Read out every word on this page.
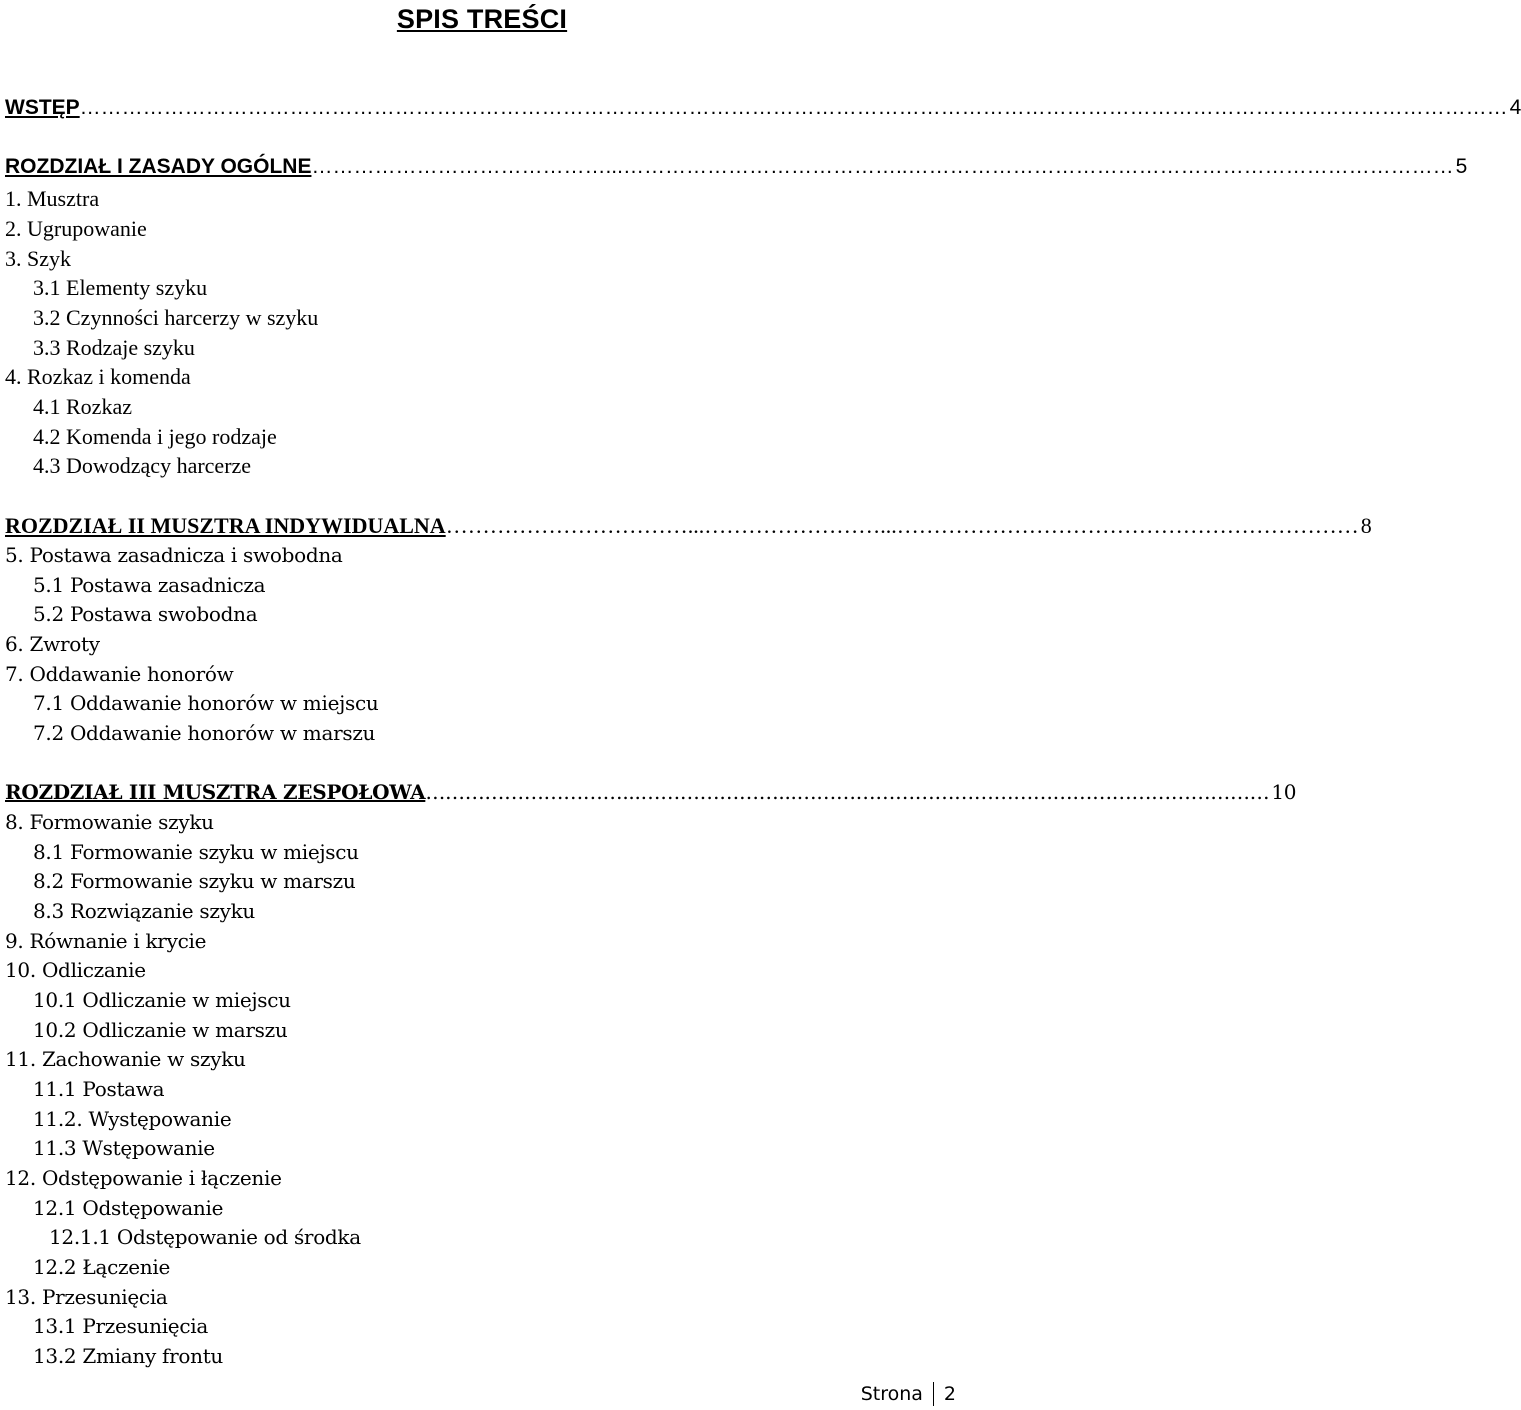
SPIS TREŚCI
WSTĘP …………………………………………………………………………………………………………………………………………………………………………………… 4
ROZDZIAŁ I ZASADY OGÓLNE ……………………………………...…………………………………..…………………………………………………………………… 5
1. Musztra
2. Ugrupowanie
3. Szyk
3.1 Elementy szyku
3.2 Czynności harcerzy w szyku
3.3 Rodzaje szyku
4. Rozkaz i komenda
4.1 Rozkaz
4.2 Komenda i jego rodzaje
4.3 Dowodzący harcerze
ROZDZIAŁ II MUSZTRA INDYWIDUALNA ……………………………...……………………...……………………………………………………… 8
5. Postawa zasadnicza i swobodna
5.1 Postawa zasadnicza
5.2 Postawa swobodna
6. Zwroty
7. Oddawanie honorów
7.1 Oddawanie honorów w miejscu
7.2 Oddawanie honorów w marszu
ROZDZIAŁ III MUSZTRA ZESPOŁOWA …………………………...…………………...……………………………………………………………… 10
8. Formowanie szyku
8.1 Formowanie szyku w miejscu
8.2 Formowanie szyku w marszu
8.3 Rozwiązanie szyku
9. Równanie i krycie
10. Odliczanie
10.1 Odliczanie w miejscu
10.2 Odliczanie w marszu
11. Zachowanie w szyku
11.1 Postawa
11.2. Występowanie
11.3 Wstępowanie
12. Odstępowanie i łączenie
12.1 Odstępowanie
12.1.1 Odstępowanie od środka
12.2 Łączenie
13. Przesunięcia
13.1 Przesunięcia
13.2 Zmiany frontu
Strona 2
